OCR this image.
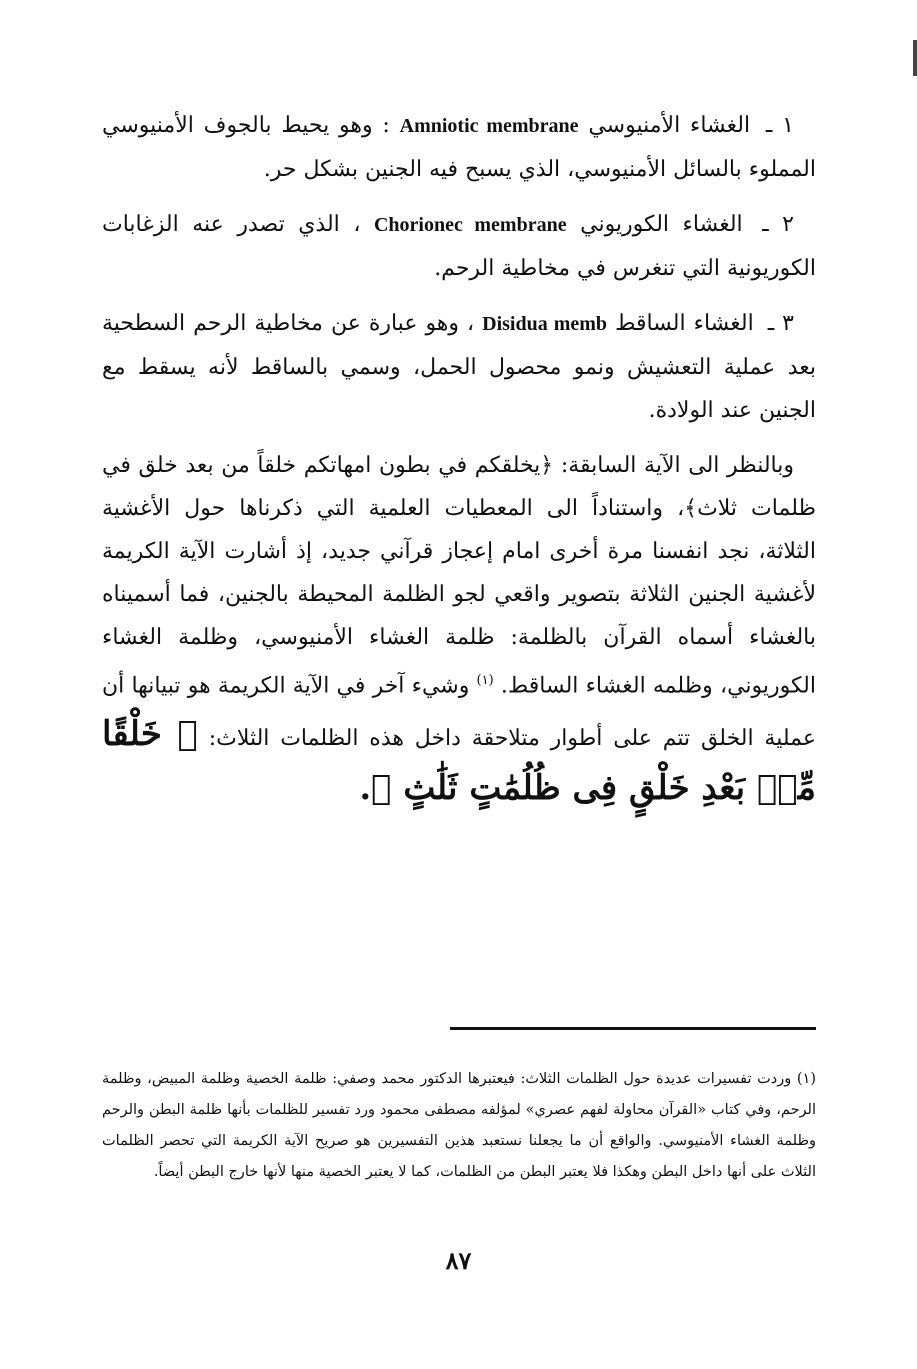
١ ـ الغشاء الأمنيوسي Amniotic membrane : وهو يحيط بالجوف الأمنيوسي المملوء بالسائل الأمنيوسي، الذي يسبح فيه الجنين بشكل حر.

٢ ـ الغشاء الكوريوني Chorionec membrane ، الذي تصدر عنه الزغابات الكوريونية التي تنغرس في مخاطية الرحم.

٣ ـ الغشاء الساقط Disidua memb ، وهو عبارة عن مخاطية الرحم السطحية بعد عملية التعشيش ونمو محصول الحمل، وسمي بالساقط لأنه يسقط مع الجنين عند الولادة.

وبالنظر الى الآية السابقة: ﴿يخلقكم في بطون امهاتكم خلقاً من بعد خلق في ظلمات ثلاث﴾، واستناداً الى المعطيات العلمية التي ذكرناها حول الأغشية الثلاثة، نجد انفسنا مرة أخرى امام إعجاز قرآني جديد، إذ أشارت الآية الكريمة لأغشية الجنين الثلاثة بتصوير واقعي لجو الظلمة المحيطة بالجنين، فما أسميناه بالغشاء أسماه القرآن بالظلمة: ظلمة الغشاء الأمنيوسي، وظلمة الغشاء الكوريوني، وظلمه الغشاء الساقط. $^{(١)}$ وشيء آخر في الآية الكريمة هو تبيانها أن عملية الخلق تتم على أطوار متلاحقة داخل هذه الظلمات الثلاث: ﴿ خَلْقًا مِّنۢ بَعْدِ خَلْقٍ فِى ظُلُمَٰتٍ ثَلَٰثٍ ﴾.

(١) وردت تفسيرات عديدة حول الظلمات الثلاث: فيعتبرها الدكتور محمد وصفي: ظلمة الخصية وظلمة المبيض، وظلمة الرحم، وفي كتاب «القرآن محاولة لفهم عصري» لمؤلفه مصطفى محمود ورد تفسير للظلمات بأنها ظلمة البطن والرحم وظلمة الغشاء الأمنيوسي. والواقع أن ما يجعلنا نستعبد هذين التفسيرين هو صريح الآية الكريمة التي تحصر الظلمات الثلاث على أنها داخل البطن وهكذا فلا يعتبر البطن من الظلمات، كما لا يعتبر الخصية منها لأنها خارج البطن أيضاً.
٨٧
